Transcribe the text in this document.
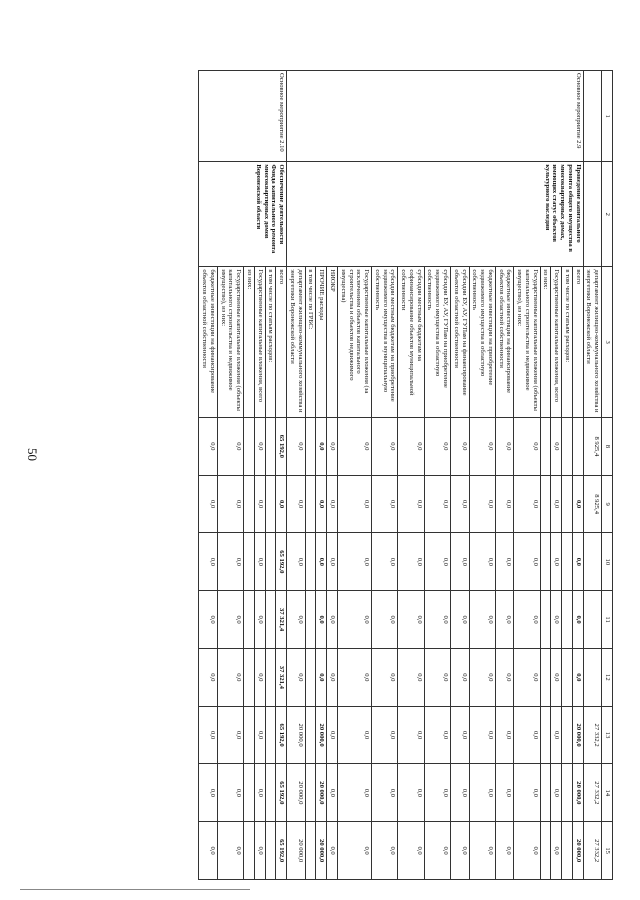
50
1	2	3	8	9	10	11	12	13	14	15
		департамент жилищно-коммунального хозяйства и энергетики Воронежской области	8 925,4	8 925,4				27 332,2	27 332,2	27 332,2
Основное мероприятие 2.9	Проведение капитального ремонта общего имущества в многоквартирных домах, имеющих статус объектов культурного наследия	всего		0,0	0,0	0,0	0,0	20 000,0	20 000,0	20 000,0
		в том числе по статьям расходов:								
		Государственные капитальные вложения, всего	0,0	0,0	0,0	0,0	0,0	0,0	0,0	0,0
		из них:								
		Государственные капитальные вложения (объекты капитального строительства и недвижимое имущество), из них:	0,0	0,0	0,0	0,0	0,0	0,0	0,0	0,0
		бюджетные инвестиции на финансирование объектов областной собственности	0,0	0,0	0,0	0,0	0,0	0,0	0,0	0,0
		бюджетные инвестиции на приобретение недвижимого имущества в областную собственность	0,0	0,0	0,0	0,0	0,0	0,0	0,0	0,0
		субсидии БУ, АУ, ГУПам на финансирование объектов областной собственности	0,0	0,0	0,0	0,0	0,0	0,0	0,0	0,0
		субсидии БУ, АУ, ГУПам на приобретение недвижимого имущества в областную собственность	0,0	0,0	0,0	0,0	0,0	0,0	0,0	0,0
		субсидии местным бюджетам на софинансирование объектов муниципальной собственности	0,0	0,0	0,0	0,0	0,0	0,0	0,0	0,0
		субсидии местным бюджетам на приобретение недвижимого имущества в муниципальную собственность	0,0	0,0	0,0	0,0	0,0	0,0	0,0	0,0
		Государственные капитальные вложения (за исключением объектов капитального строительства и объектов недвижимого имущества)	0,0	0,0	0,0	0,0	0,0	0,0	0,0	0,0
		НИОКР	0,0	0,0	0,0	0,0	0,0	0,0	0,0	0,0
		ПРОЧИЕ расходы	0,0	0,0	0,0	0,0	0,0	20 000,0	20 000,0	20 000,0
		в том числе по ГРБС:								
		департамент жилищно-коммунального хозяйства и энергетики Воронежской области	0,0	0,0	0,0	0,0	0,0	20 000,0	20 000,0	20 000,0
Основное мероприятие 2.10	Обеспечение деятельности Фонда капитального ремонта многоквартирных домов Воронежской области	всего	65 192,0	0,0	65 192,0	37 321,4	37 321,4	65 192,0	65 192,0	65 192,0
		в том числе по статьям расходов:								
		Государственные капитальные вложения, всего	0,0	0,0	0,0	0,0	0,0	0,0	0,0	0,0
		из них:								
		Государственные капитальные вложения (объекты капитального строительства и недвижимое имущество), из них:	0,0	0,0	0,0	0,0	0,0	0,0	0,0	0,0
		бюджетные инвестиции на финансирование объектов областной собственности	0,0	0,0	0,0	0,0	0,0	0,0	0,0	0,0
